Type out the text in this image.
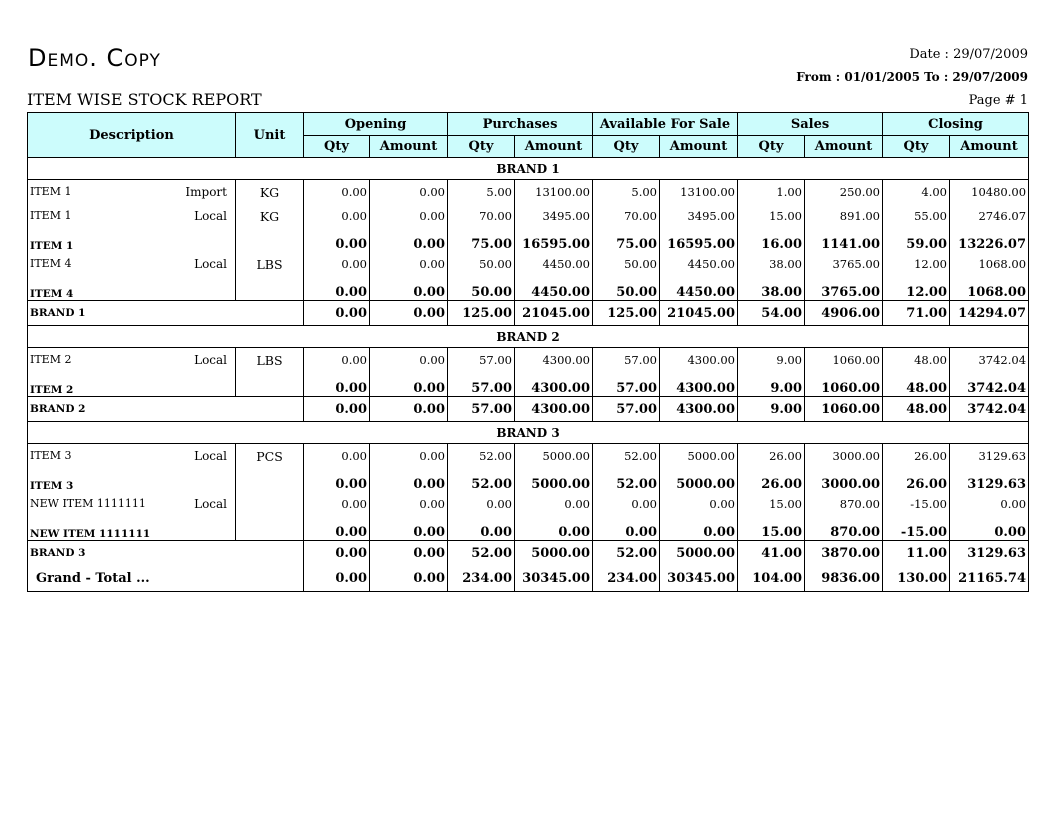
Demo. Copy	Date : 29/07/2009
From : 01/01/2005 To : 29/07/2009
ITEM WISE STOCK REPORT	Page # 1
Description	Unit	Opening		Purchases		Available For Sale		Sales		Closing	
		Qty	Amount	Qty	Amount	Qty	Amount	Qty	Amount	Qty	Amount
BRAND 1											
ITEM 1 Import	KG	0.00	0.00	5.00	13100.00	5.00	13100.00	1.00	250.00	4.00	10480.00
ITEM 1 Local	KG	0.00	0.00	70.00	3495.00	70.00	3495.00	15.00	891.00	55.00	2746.07
ITEM 1		0.00	0.00	75.00	16595.00	75.00	16595.00	16.00	1141.00	59.00	13226.07
ITEM 4 Local	LBS	0.00	0.00	50.00	4450.00	50.00	4450.00	38.00	3765.00	12.00	1068.00
ITEM 4		0.00	0.00	50.00	4450.00	50.00	4450.00	38.00	3765.00	12.00	1068.00
BRAND 1		0.00	0.00	125.00	21045.00	125.00	21045.00	54.00	4906.00	71.00	14294.07
BRAND 2											
ITEM 2 Local	LBS	0.00	0.00	57.00	4300.00	57.00	4300.00	9.00	1060.00	48.00	3742.04
ITEM 2		0.00	0.00	57.00	4300.00	57.00	4300.00	9.00	1060.00	48.00	3742.04
BRAND 2		0.00	0.00	57.00	4300.00	57.00	4300.00	9.00	1060.00	48.00	3742.04
BRAND 3											
ITEM 3 Local	PCS	0.00	0.00	52.00	5000.00	52.00	5000.00	26.00	3000.00	26.00	3129.63
ITEM 3		0.00	0.00	52.00	5000.00	52.00	5000.00	26.00	3000.00	26.00	3129.63
NEW ITEM 1111111 Local		0.00	0.00	0.00	0.00	0.00	0.00	15.00	870.00	-15.00	0.00
NEW ITEM 1111111		0.00	0.00	0.00	0.00	0.00	0.00	15.00	870.00	-15.00	0.00
BRAND 3		0.00	0.00	52.00	5000.00	52.00	5000.00	41.00	3870.00	11.00	3129.63
Grand - Total ...		0.00	0.00	234.00	30345.00	234.00	30345.00	104.00	9836.00	130.00	21165.74
